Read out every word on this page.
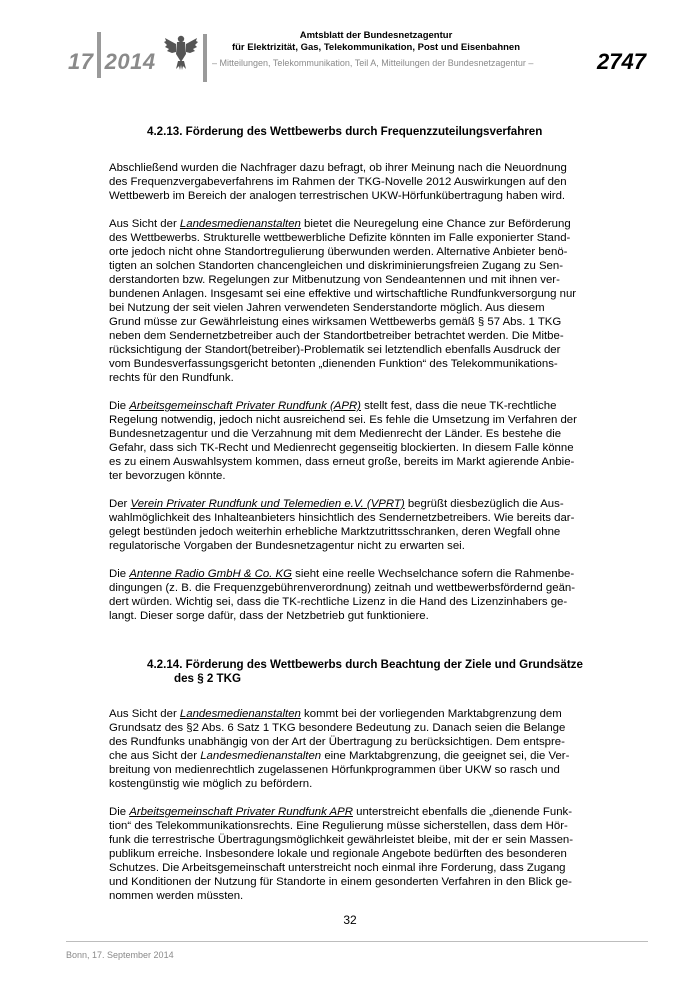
17 2014
Amtsblatt der Bundesnetzagentur
für Elektrizität, Gas, Telekommunikation, Post und Eisenbahnen
– Mitteilungen, Telekommunikation, Teil A, Mitteilungen der Bundesnetzagentur –	2747

4.2.13. Förderung des Wettbewerbs durch Frequenzzuteilungsverfahren

Abschließend wurden die Nachfrager dazu befragt, ob ihrer Meinung nach die Neuordnung
des Frequenzvergabeverfahrens im Rahmen der TKG-Novelle 2012 Auswirkungen auf den
Wettbewerb im Bereich der analogen terrestrischen UKW-Hörfunkübertragung haben wird.
Aus Sicht der Landesmedienanstalten bietet die Neuregelung eine Chance zur Beförderung
des Wettbewerbs. Strukturelle wettbewerbliche Defizite könnten im Falle exponierter Stand-
orte jedoch nicht ohne Standortregulierung überwunden werden. Alternative Anbieter benö-
tigten an solchen Standorten chancengleichen und diskriminierungsfreien Zugang zu Sen-
derstandorten bzw. Regelungen zur Mitbenutzung von Sendeantennen und mit ihnen ver-
bundenen Anlagen. Insgesamt sei eine effektive und wirtschaftliche Rundfunkversorgung nur
bei Nutzung der seit vielen Jahren verwendeten Senderstandorte möglich. Aus diesem
Grund müsse zur Gewährleistung eines wirksamen Wettbewerbs gemäß § 57 Abs. 1 TKG
neben dem Sendernetzbetreiber auch der Standortbetreiber betrachtet werden. Die Mitbe-
rücksichtigung der Standort(betreiber)-Problematik sei letztendlich ebenfalls Ausdruck der
vom Bundesverfassungsgericht betonten „dienenden Funktion“ des Telekommunikations-
rechts für den Rundfunk.
Die Arbeitsgemeinschaft Privater Rundfunk (APR) stellt fest, dass die neue TK-rechtliche
Regelung notwendig, jedoch nicht ausreichend sei. Es fehle die Umsetzung im Verfahren der
Bundesnetzagentur und die Verzahnung mit dem Medienrecht der Länder. Es bestehe die
Gefahr, dass sich TK-Recht und Medienrecht gegenseitig blockierten. In diesem Falle könne
es zu einem Auswahlsystem kommen, dass erneut große, bereits im Markt agierende Anbie-
ter bevorzugen könnte.
Der Verein Privater Rundfunk und Telemedien e.V. (VPRT) begrüßt diesbezüglich die Aus-
wahlmöglichkeit des Inhalteanbieters hinsichtlich des Sendernetzbetreibers. Wie bereits dar-
gelegt bestünden jedoch weiterhin erhebliche Marktzutrittsschranken, deren Wegfall ohne
regulatorische Vorgaben der Bundesnetzagentur nicht zu erwarten sei.
Die Antenne Radio GmbH & Co. KG sieht eine reelle Wechselchance sofern die Rahmenbe-
dingungen (z. B. die Frequenzgebührenverordnung) zeitnah und wettbewerbsfördernd geän-
dert würden. Wichtig sei, dass die TK-rechtliche Lizenz in die Hand des Lizenzinhabers ge-
langt. Dieser sorge dafür, dass der Netzbetrieb gut funktioniere.

4.2.14. Förderung des Wettbewerbs durch Beachtung der Ziele und Grundsätze
des § 2 TKG

Aus Sicht der Landesmedienanstalten kommt bei der vorliegenden Marktabgrenzung dem
Grundsatz des §2 Abs. 6 Satz 1 TKG besondere Bedeutung zu. Danach seien die Belange
des Rundfunks unabhängig von der Art der Übertragung zu berücksichtigen. Dem entspre-
che aus Sicht der Landesmedienanstalten eine Marktabgrenzung, die geeignet sei, die Ver-
breitung von medienrechtlich zugelassenen Hörfunkprogrammen über UKW so rasch und
kostengünstig wie möglich zu befördern.
Die Arbeitsgemeinschaft Privater Rundfunk APR unterstreicht ebenfalls die „dienende Funk-
tion“ des Telekommunikationsrechts. Eine Regulierung müsse sicherstellen, dass dem Hör-
funk die terrestrische Übertragungsmöglichkeit gewährleistet bleibe, mit der er sein Massen-
publikum erreiche. Insbesondere lokale und regionale Angebote bedürften des besonderen
Schutzes. Die Arbeitsgemeinschaft unterstreicht noch einmal ihre Forderung, dass Zugang
und Konditionen der Nutzung für Standorte in einem gesonderten Verfahren in den Blick ge-
nommen werden müssten.
32
Bonn, 17. September 2014
